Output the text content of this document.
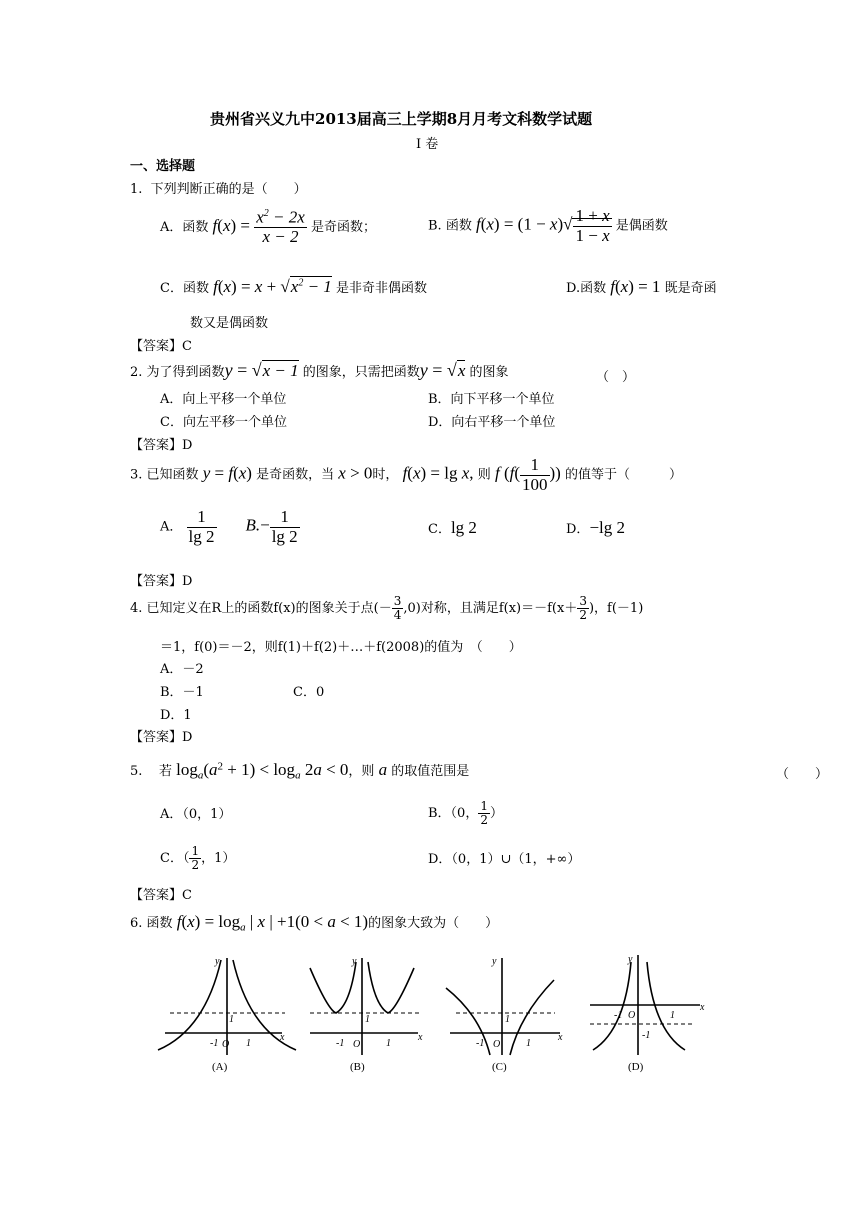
贵州省兴义九中2013届高三上学期8月月考文科数学试题
I 卷
一、选择题
1. 下列判断正确的是（　　）
A．函数 $f(x) = \frac{x^2 - 2x}{x - 2}$ 是奇函数；	B. 函数 $f(x) = (1 - x)√ \frac{1 + x}{1 - x}$ 是偶函数
C．函数 $f(x) = x + √x^2 - 1$ 是非奇非偶函数	D.函数 f(x) = 1 既是奇函
数又是偶函数
【答案】C
2. 为了得到函数y = √x − 1 的图象，只需把函数y = √x 的图象	（　）
A．向上平移一个单位	B．向下平移一个单位
C．向左平移一个单位	D．向右平移一个单位
【答案】D
3. 已知函数 y = f(x) 是奇函数，当 x > 0时， f(x) = lg x, 则 f ($f( \frac{1}{100}$ )) 的值等于（　　　）
A． $\frac{1}{\lg 2} B.- \frac{1}{\lg 2}$	C．lg 2	D．−lg 2
【答案】D
4. 已知定义在R上的函数f(x)的图象关于点(－ $\frac{3}{4} ,0$)对称，且满足$f(x)=-f(x+ \frac{3}{2}$ )，f(－1)
＝1，f(0)＝－2，则f(1)＋f(2)＋…＋f(2008)的值为　（　　）
A．－2
B．－1	C．0
D．1
【答案】D
5. 若 $\log_a(a^2 + 1) < \log_a 2a < 0$，则 a 的取值范围是	（　　）
A．（0，1）	B．（0， $\frac{1}{2}$ ）
C．（ $\frac{1}{2}$ ，1）	D．（0，1）∪（1，+∞）
【答案】C
6. 函数 $f(x) = \log_a$ | x | +1(0 < a < 1)的图象大致为（　　）
y
x
-1 O 1
1
y
x
-1 O	1
1
y
x
-1 O	1
1
y
x
-1 O	1
-1
(A)	(B)	(C)	(D)
